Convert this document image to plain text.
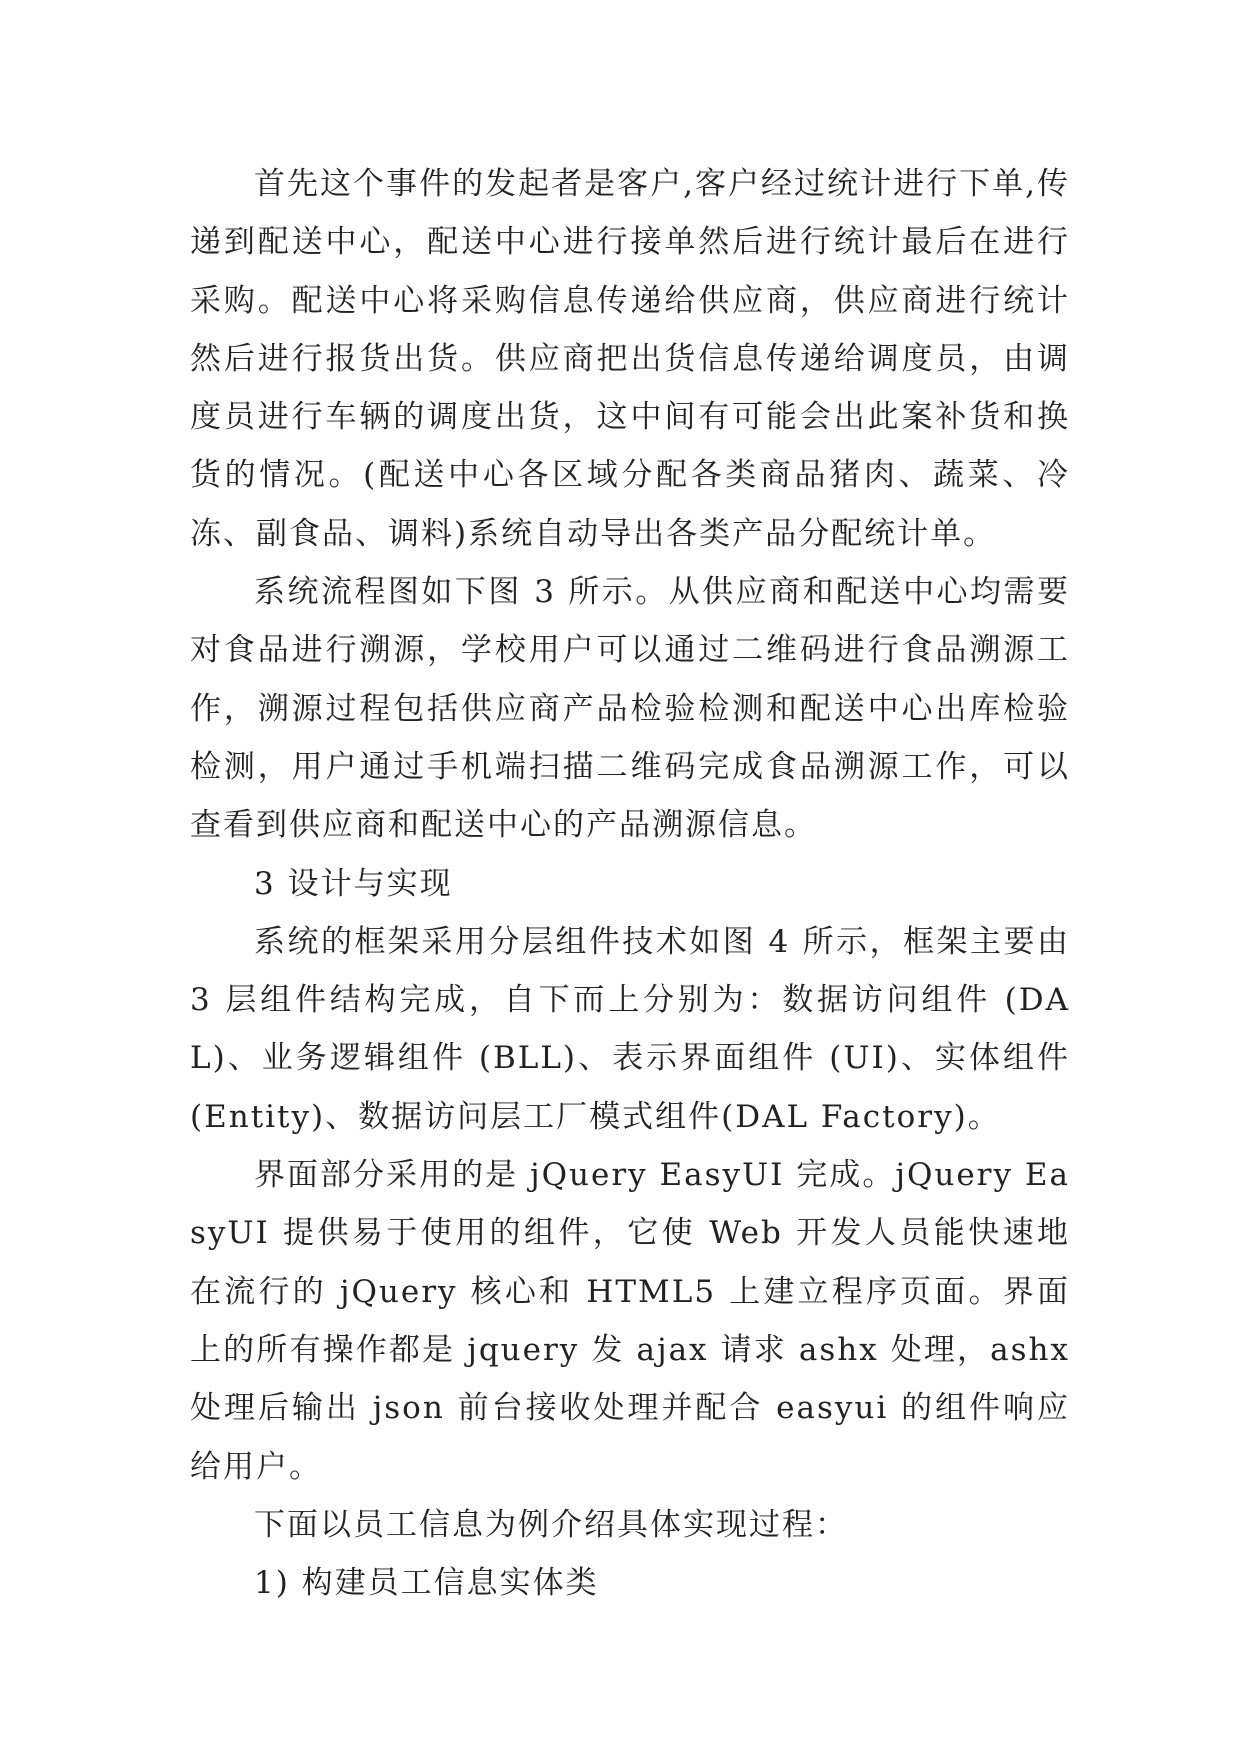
首先这个事件的发起者是客户,客户经过统计进行下单,传递到配送中心，配送中心进行接单然后进行统计最后在进行采购。配送中心将采购信息传递给供应商，供应商进行统计然后进行报货出货。供应商把出货信息传递给调度员，由调度员进行车辆的调度出货，这中间有可能会出此案补货和换货的情况。(配送中心各区域分配各类商品猪肉、蔬菜、冷冻、副食品、调料)系统自动导出各类产品分配统计单。

系统流程图如下图 3 所示。从供应商和配送中心均需要对食品进行溯源，学校用户可以通过二维码进行食品溯源工作，溯源过程包括供应商产品检验检测和配送中心出库检验检测，用户通过手机端扫描二维码完成食品溯源工作，可以查看到供应商和配送中心的产品溯源信息。

3 设计与实现

系统的框架采用分层组件技术如图 4 所示，框架主要由 3 层组件结构完成，自下而上分别为：数据访问组件 (DAL)、业务逻辑组件 (BLL)、表示界面组件 (UI)、实体组件 (Entity)、数据访问层工厂模式组件(DAL Factory)。

界面部分采用的是 jQuery EasyUI 完成。jQuery EasyUI 提供易于使用的组件，它使 Web 开发人员能快速地在流行的 jQuery 核心和 HTML5 上建立程序页面。界面上的所有操作都是 jquery 发 ajax 请求 ashx 处理，ashx 处理后输出 json 前台接收处理并配合 easyui 的组件响应给用户。

下面以员工信息为例介绍具体实现过程：

1) 构建员工信息实体类
